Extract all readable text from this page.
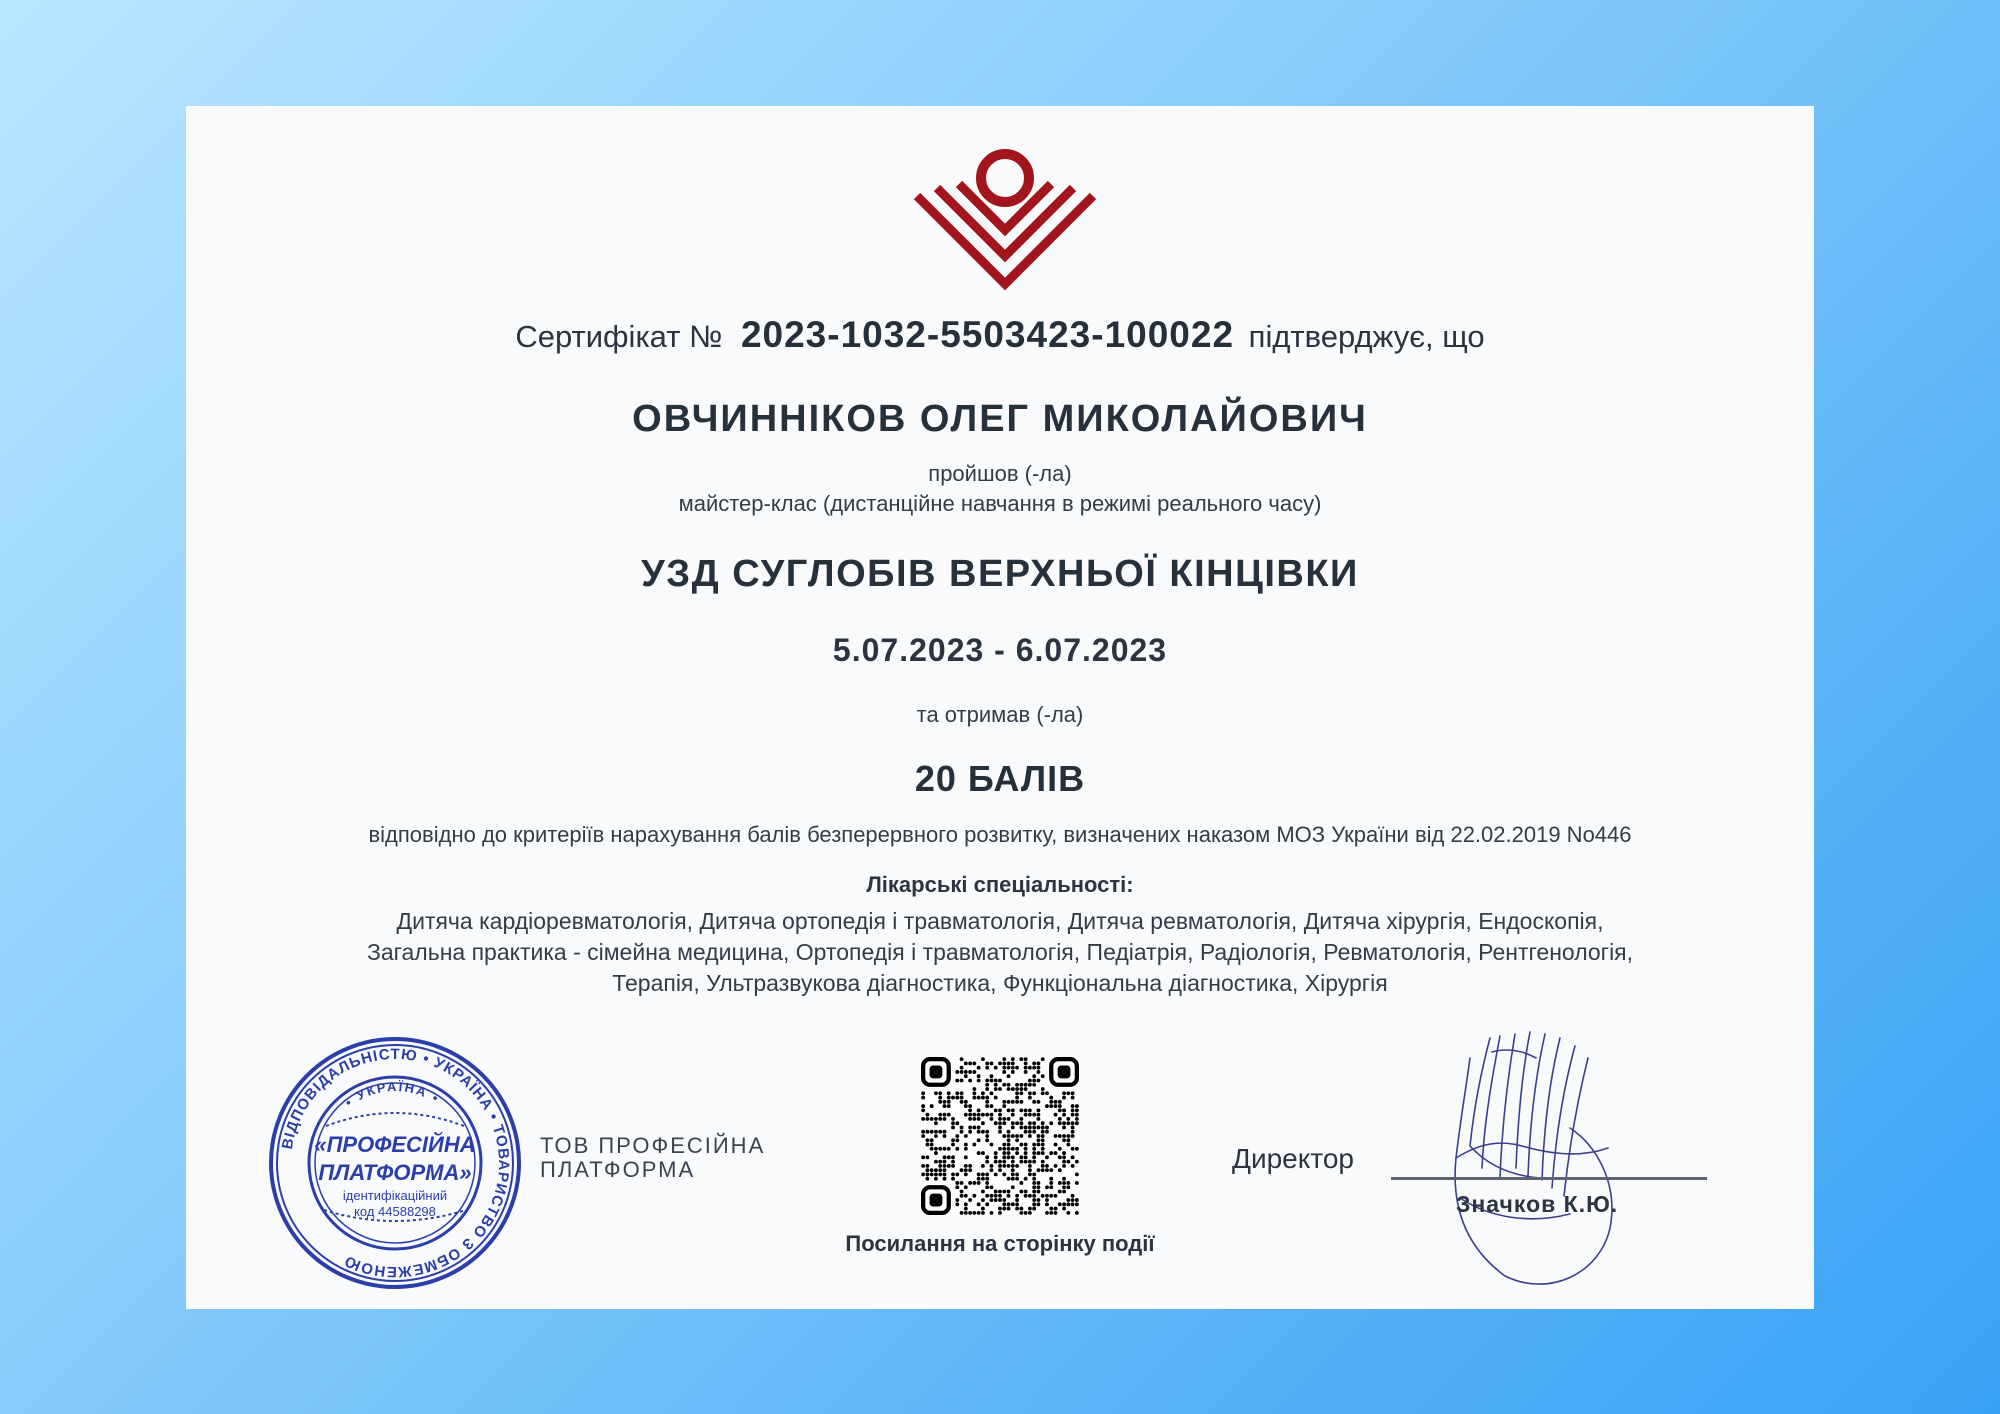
Сертифікат № 2023-1032-5503423-100022 підтверджує, що
ОВЧИННІКОВ ОЛЕГ МИКОЛАЙОВИЧ
пройшов (-ла)
майстер-клас (дистанційне навчання в режимі реального часу)
УЗД СУГЛОБІВ ВЕРХНЬОЇ КІНЦІВКИ
5.07.2023 - 6.07.2023
та отримав (-ла)
20 БАЛІВ
відповідно до критеріїв нарахування балів безперервного розвитку, визначених наказом МОЗ України від 22.02.2019 No446
Лікарські спеціальності:
Дитяча кардіоревматологія, Дитяча ортопедія і травматологія, Дитяча ревматологія, Дитяча хірургія, Ендоскопія,
Загальна практика - сімейна медицина, Ортопедія і травматологія, Педіатрія, Радіологія, Ревматологія, Рентгенологія,
Терапія, Ультразвукова діагностика, Функціональна діагностика, Хірургія
ВІДПОВІДАЛЬНІСТЮ • УКРАЇНА • ТОВАРИСТВО З ОБМЕЖЕНОЮ
• УКРАЇНА •
«ПРОФЕСІЙНА
ПЛАТФОРМА»
ідентифікаційний
код 44588298
ТОВ ПРОФЕСІЙНА
ПЛАТФОРМА
Посилання на сторінку події
Директор
Значков К.Ю.
